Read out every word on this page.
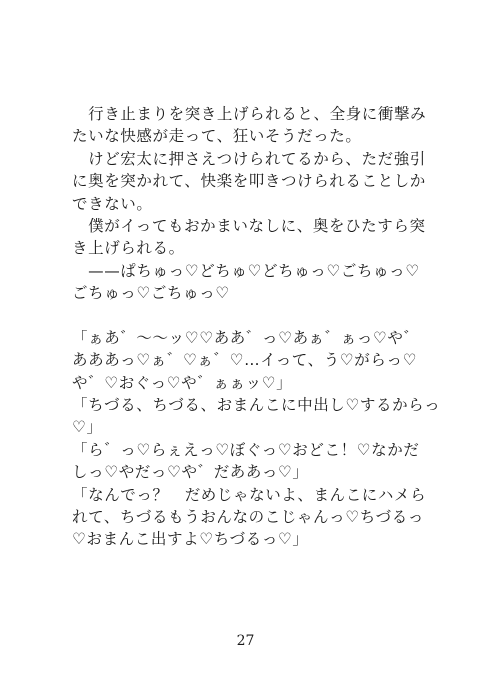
　行き止まりを突き上げられると、全身に衝撃み
たいな快感が走って、狂いそうだった。
　けど宏太に押さえつけられてるから、ただ強引
に奥を突かれて、快楽を叩きつけられることしか
できない。
　僕がイってもおかまいなしに、奥をひたすら突
き上げられる。
　——ぱちゅっ♡どちゅ♡どちゅっ♡ごちゅっ♡
ごちゅっ♡ごちゅっ♡
「ぁあ゛〜〜ッ♡♡ああ゛っ♡あぁ゛ぁっ♡や゛
あああっ♡ぁ゛♡ぁ゛♡…イって、う♡がらっ♡
や゛♡おぐっ♡や゛ぁぁッ♡」
「ちづる、ちづる、おまんこに中出し♡するからっ
♡」
「ら゛っ♡らぇえっ♡ぼぐっ♡おどこ！♡なかだ
しっ♡やだっ♡や゛だああっ♡」
「なんでっ？　だめじゃないよ、まんこにハメら
れて、ちづるもうおんなのこじゃんっ♡ちづるっ
♡おまんこ出すよ♡ちづるっ♡」
27
